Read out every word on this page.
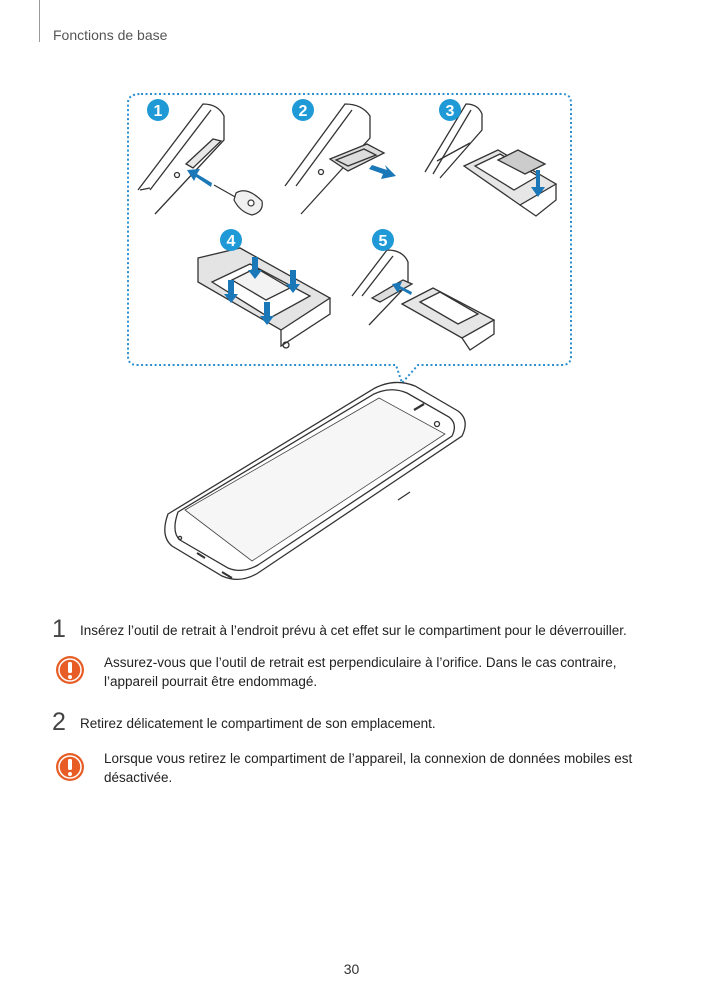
Fonctions de base
1	2	3
4	5
1 Insérez l’outil de retrait à l’endroit prévu à cet effet sur le compartiment pour le déverrouiller.
Assurez-vous que l’outil de retrait est perpendiculaire à l’orifice. Dans le cas contraire, l’appareil pourrait être endommagé.
2 Retirez délicatement le compartiment de son emplacement.
Lorsque vous retirez le compartiment de l’appareil, la connexion de données mobiles est désactivée.
30
